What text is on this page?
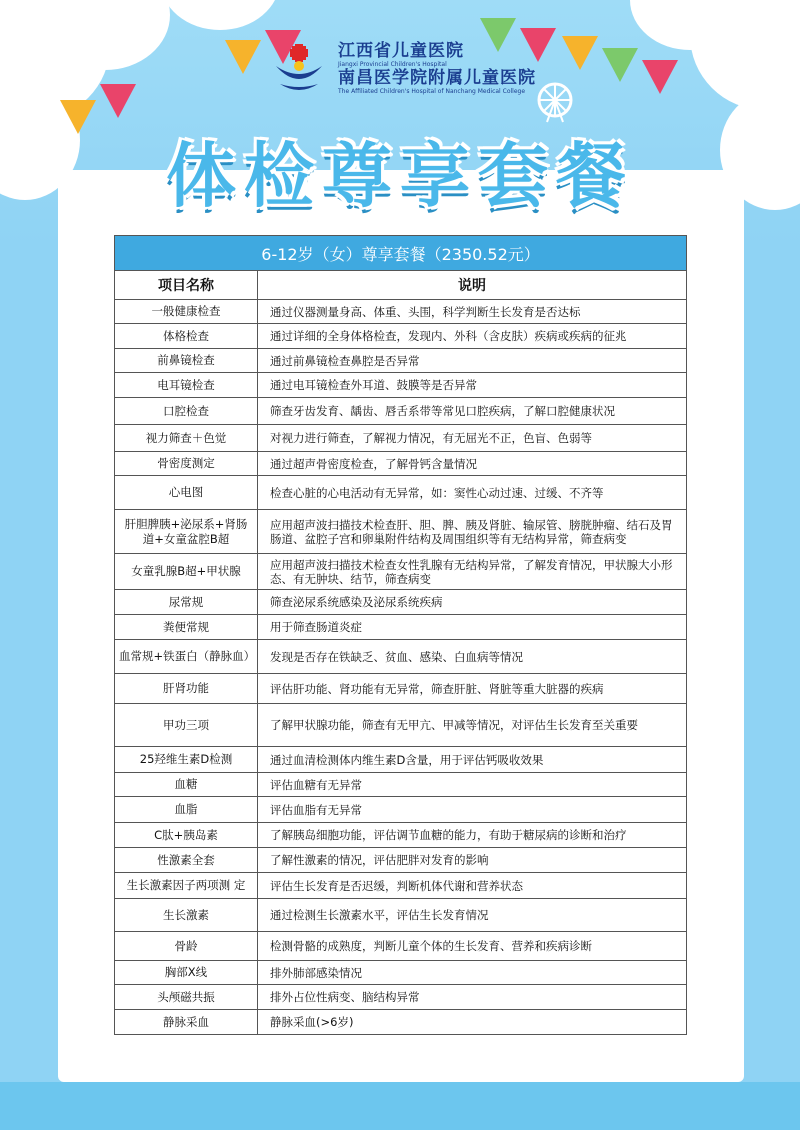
江西省儿童医院
Jiangxi Provincial Children's Hospital
南昌医学院附属儿童医院
The Affiliated Children's Hospital of Nanchang Medical College
体检尊享套餐
6-12岁（女）尊享套餐（2350.52元）	
项目名称	说明
一般健康检查	通过仪器测量身高、体重、头围，科学判断生长发育是否达标
体格检查	通过详细的全身体格检查，发现内、外科（含皮肤）疾病或疾病的征兆
前鼻镜检查	通过前鼻镜检查鼻腔是否异常
电耳镜检查	通过电耳镜检查外耳道、鼓膜等是否异常
口腔检查	筛查牙齿发育、龋齿、唇舌系带等常见口腔疾病，了解口腔健康状况
视力筛查＋色觉	对视力进行筛查，了解视力情况，有无屈光不正，色盲、色弱等
骨密度测定	通过超声骨密度检查，了解骨钙含量情况
心电图	检查心脏的心电活动有无异常，如：窦性心动过速、过缓、不齐等
肝胆脾胰+泌尿系+肾肠道+女童盆腔B超	应用超声波扫描技术检查肝、胆、脾、胰及肾脏、输尿管、膀胱肿瘤、结石及胃肠道、盆腔子宫和卵巢附件结构及周围组织等有无结构异常，筛查病变
女童乳腺B超+甲状腺	应用超声波扫描技术检查女性乳腺有无结构异常，了解发育情况，甲状腺大小形态、有无肿块、结节，筛查病变
尿常规	筛查泌尿系统感染及泌尿系统疾病
粪便常规	用于筛查肠道炎症
血常规+铁蛋白（静脉血）	发现是否存在铁缺乏、贫血、感染、白血病等情况
肝肾功能	评估肝功能、肾功能有无异常，筛查肝脏、肾脏等重大脏器的疾病
甲功三项	了解甲状腺功能，筛查有无甲亢、甲减等情况，对评估生长发育至关重要
25羟维生素D检测	通过血清检测体内维生素D含量，用于评估钙吸收效果
血糖	评估血糖有无异常
血脂	评估血脂有无异常
C肽+胰岛素	了解胰岛细胞功能，评估调节血糖的能力，有助于糖尿病的诊断和治疗
性激素全套	了解性激素的情况，评估肥胖对发育的影响
生长激素因子两项测 定	评估生长发育是否迟缓，判断机体代谢和营养状态
生长激素	通过检测生长激素水平，评估生长发育情况
骨龄	检测骨骼的成熟度，判断儿童个体的生长发育、营养和疾病诊断
胸部X线	排外肺部感染情况
头颅磁共振	排外占位性病变、脑结构异常
静脉采血	静脉采血(>6岁)
